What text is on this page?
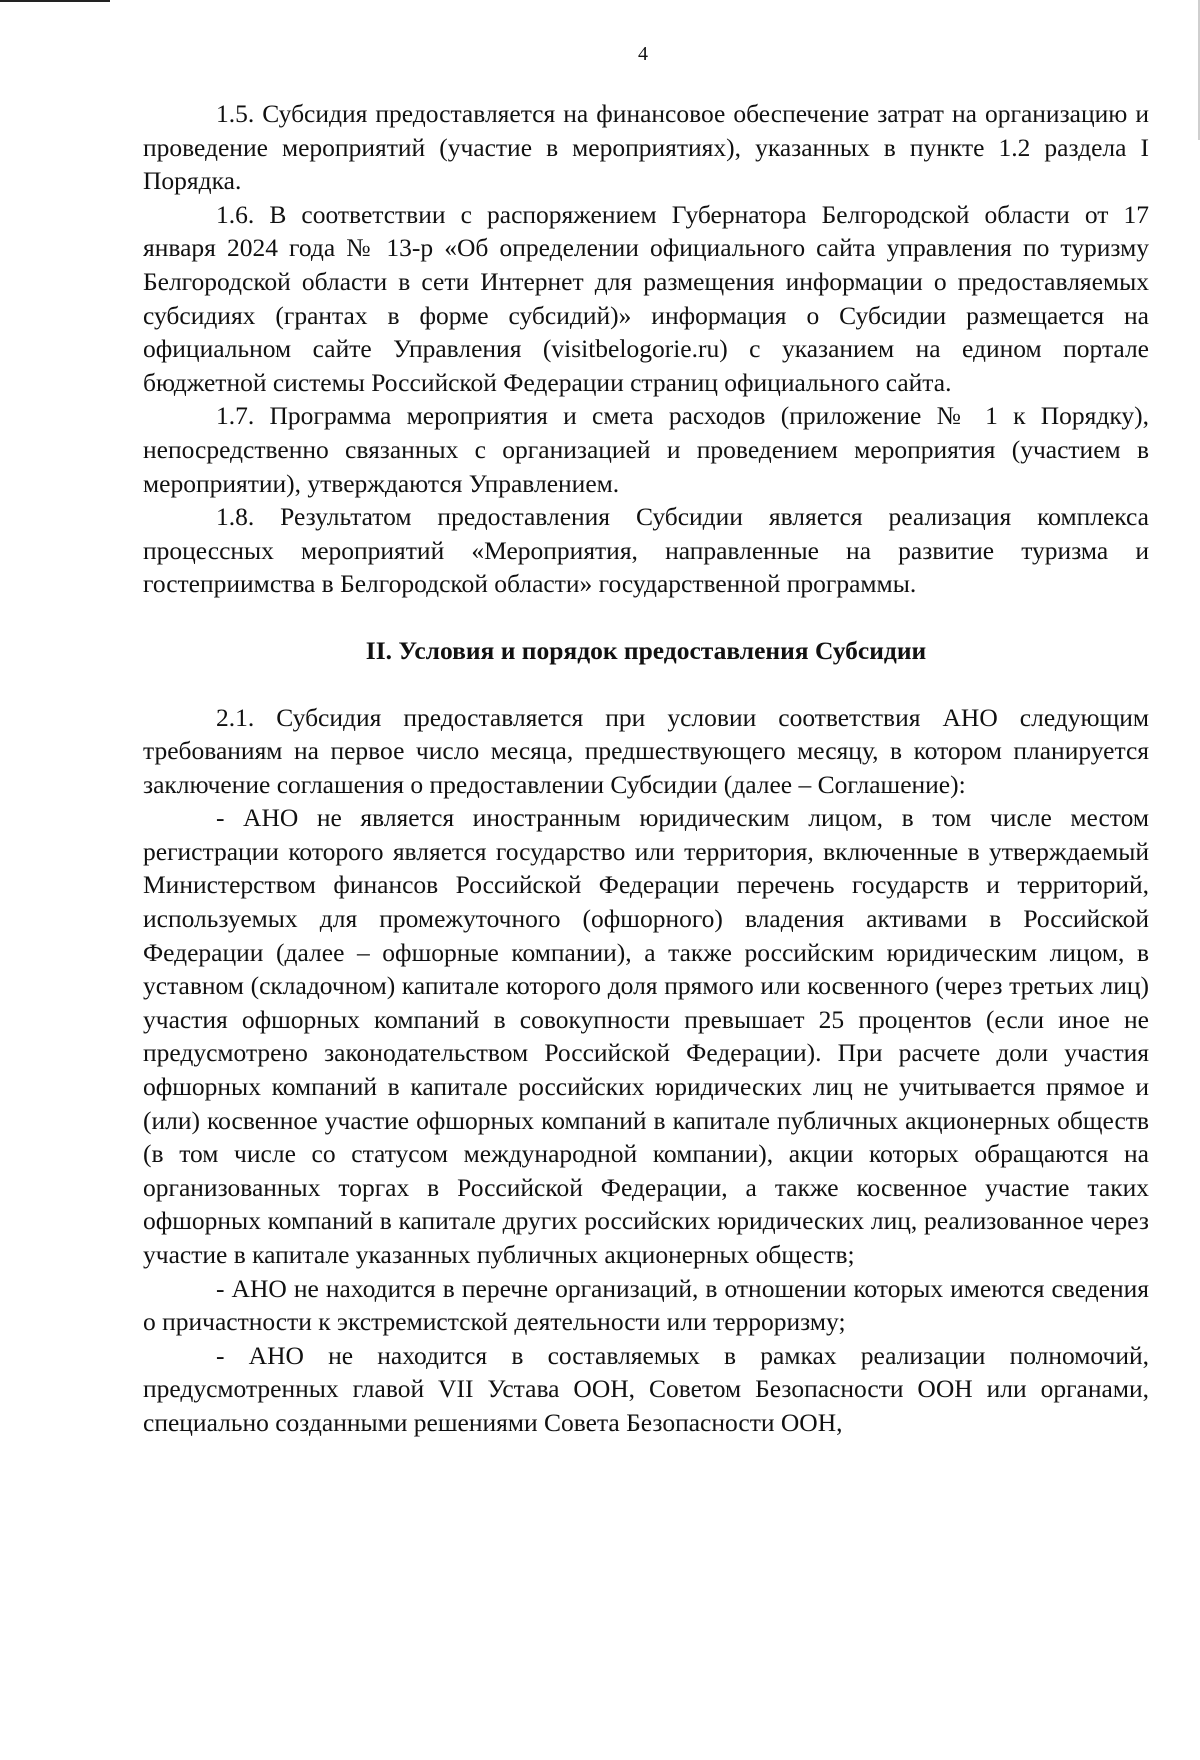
4

1.5. Субсидия предоставляется на финансовое обеспечение затрат на организацию и проведение мероприятий (участие в мероприятиях), указанных в пункте 1.2 раздела I Порядка.

1.6. В соответствии с распоряжением Губернатора Белгородской области от 17 января 2024 года № 13-р «Об определении официального сайта управления по туризму Белгородской области в сети Интернет для размещения информации о предоставляемых субсидиях (грантах в форме субсидий)» информация о Субсидии размещается на официальном сайте Управления (visitbelogorie.ru) с указанием на едином портале бюджетной системы Российской Федерации страниц официального сайта.

1.7. Программа мероприятия и смета расходов (приложение № 1 к Порядку), непосредственно связанных с организацией и проведением мероприятия (участием в мероприятии), утверждаются Управлением.

1.8. Результатом предоставления Субсидии является реализация комплекса процессных мероприятий «Мероприятия, направленные на развитие туризма и гостеприимства в Белгородской области» государственной программы.

II. Условия и порядок предоставления Субсидии

2.1. Субсидия предоставляется при условии соответствия АНО следующим требованиям на первое число месяца, предшествующего месяцу, в котором планируется заключение соглашения о предоставлении Субсидии (далее – Соглашение):

- АНО не является иностранным юридическим лицом, в том числе местом регистрации которого является государство или территория, включенные в утверждаемый Министерством финансов Российской Федерации перечень государств и территорий, используемых для промежуточного (офшорного) владения активами в Российской Федерации (далее – офшорные компании), а также российским юридическим лицом, в уставном (складочном) капитале которого доля прямого или косвенного (через третьих лиц) участия офшорных компаний в совокупности превышает 25 процентов (если иное не предусмотрено законодательством Российской Федерации). При расчете доли участия офшорных компаний в капитале российских юридических лиц не учитывается прямое и (или) косвенное участие офшорных компаний в капитале публичных акционерных обществ (в том числе со статусом международной компании), акции которых обращаются на организованных торгах в Российской Федерации, а также косвенное участие таких офшорных компаний в капитале других российских юридических лиц, реализованное через участие в капитале указанных публичных акционерных обществ;

- АНО не находится в перечне организаций, в отношении которых имеются сведения о причастности к экстремистской деятельности или терроризму;

- АНО не находится в составляемых в рамках реализации полномочий, предусмотренных главой VII Устава ООН, Советом Безопасности ООН или органами, специально созданными решениями Совета Безопасности ООН,
